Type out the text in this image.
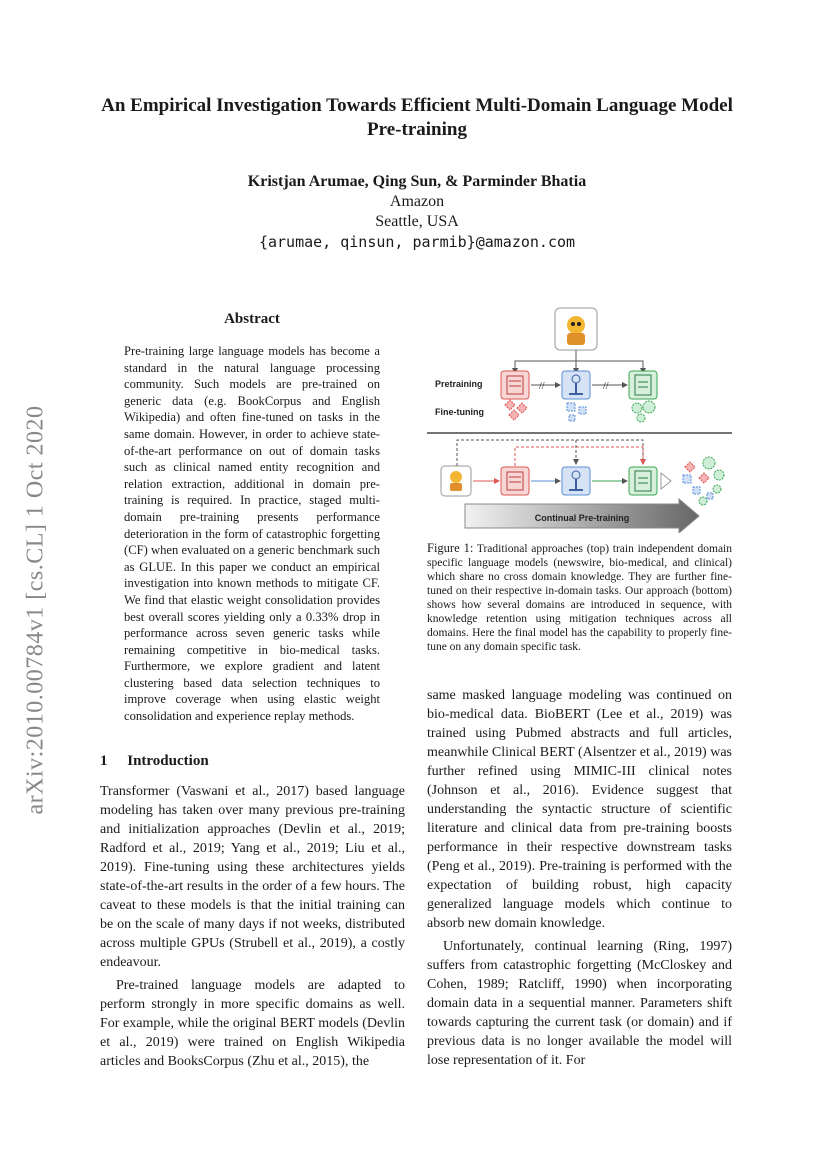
arXiv:2010.00784v1 [cs.CL] 1 Oct 2020
An Empirical Investigation Towards Efficient Multi-Domain Language Model Pre-training
Kristjan Arumae, Qing Sun, & Parminder Bhatia
Amazon
Seattle, USA
{arumae, qinsun, parmib}@amazon.com
Abstract
Pre-training large language models has become a standard in the natural language processing community. Such models are pre-trained on generic data (e.g. BookCorpus and English Wikipedia) and often fine-tuned on tasks in the same domain. However, in order to achieve state-of-the-art performance on out of domain tasks such as clinical named entity recognition and relation extraction, additional in domain pre-training is required. In practice, staged multi-domain pre-training presents performance deterioration in the form of catastrophic forgetting (CF) when evaluated on a generic benchmark such as GLUE. In this paper we conduct an empirical investigation into known methods to mitigate CF. We find that elastic weight consolidation provides best overall scores yielding only a 0.33% drop in performance across seven generic tasks while remaining competitive in bio-medical tasks. Furthermore, we explore gradient and latent clustering based data selection techniques to improve coverage when using elastic weight consolidation and experience replay methods.
1 Introduction

Transformer (Vaswani et al., 2017) based language modeling has taken over many previous pre-training and initialization approaches (Devlin et al., 2019; Radford et al., 2019; Yang et al., 2019; Liu et al., 2019). Fine-tuning using these architectures yields state-of-the-art results in the order of a few hours. The caveat to these models is that the initial training can be on the scale of many days if not weeks, distributed across multiple GPUs (Strubell et al., 2019), a costly endeavour.

Pre-trained language models are adapted to perform strongly in more specific domains as well. For example, while the original BERT models (Devlin et al., 2019) were trained on English Wikipedia articles and BooksCorpus (Zhu et al., 2015), the

Pretraining
Fine-tuning
//	//
Continual Pre-training
Figure 1: Traditional approaches (top) train independent domain specific language models (newswire, bio-medical, and clinical) which share no cross domain knowledge. They are further fine-tuned on their respective in-domain tasks. Our approach (bottom) shows how several domains are introduced in sequence, with knowledge retention using mitigation techniques across all domains. Here the final model has the capability to properly fine-tune on any domain specific task.

same masked language modeling was continued on bio-medical data. BioBERT (Lee et al., 2019) was trained using Pubmed abstracts and full articles, meanwhile Clinical BERT (Alsentzer et al., 2019) was further refined using MIMIC-III clinical notes (Johnson et al., 2016). Evidence suggest that understanding the syntactic structure of scientific literature and clinical data from pre-training boosts performance in their respective downstream tasks (Peng et al., 2019). Pre-training is performed with the expectation of building robust, high capacity generalized language models which continue to absorb new domain knowledge.

Unfortunately, continual learning (Ring, 1997) suffers from catastrophic forgetting (McCloskey and Cohen, 1989; Ratcliff, 1990) when incorporating domain data in a sequential manner. Parameters shift towards capturing the current task (or domain) and if previous data is no longer available the model will lose representation of it. For
